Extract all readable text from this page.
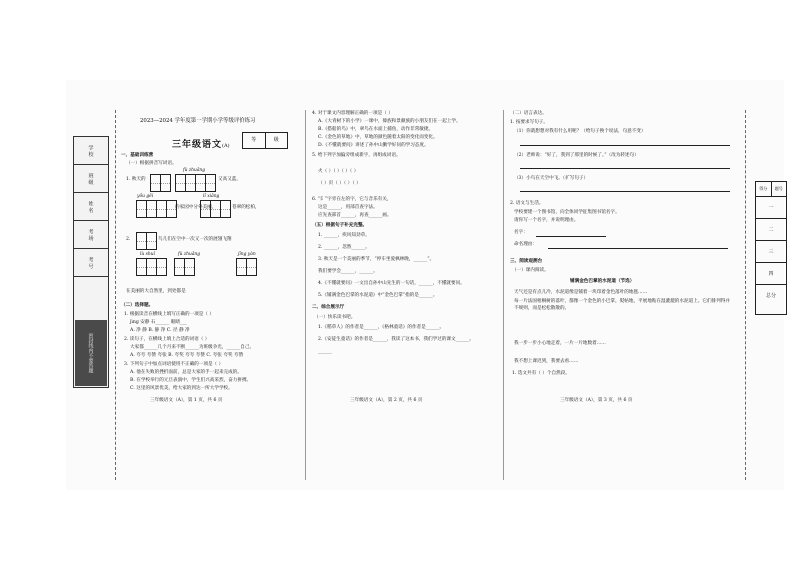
学 校
班 级
姓 名
考 场
考 号
密封线内不要答题
2023—2024 学年度第一学期小学等级评价练习
三年级语文(A)
等	级
一、基础训练营
（一）根据拼音写词语。
fù zhuāng
1. 秋天的	又高又蓝，
yōu gēi	lǐ xiǎng
的家园中分外美丽，	苍翠的松柏，
2.	鸟儿们在空中一次又一次的展翅飞翔
lù shuǐ	fù zhuāng	jīng yàn
在美丽的大自然里，到处都是
（二）选择题。
1. 根据读音在横线上填写正确的一项是（ ）
jìng 安静 石______ 眼睛___
A. 净 静 B. 静 净 C. 径 静 净
2. 读句子，在横线上填上合适的词语（ ）
大家都______几个月来不断______为班级争光，______自己。
A. 夸夸 夸赞 夸张 B. 夸奖 夸夸 夸赞 C. 夸张 夸奖 夸赞
3. 下列句子中加点词语使用不正确的一项是（ ）
A. 他在失败的挫折面前，总是大家的手一起来完成的。
B. 在学校举行的元旦表演中，学生们兴高采烈，奋力拼搏。
C. 这里的风景优美，给大家的到达一所大学学校。
三年级语文（A），第 1 页，共 6 页
4. 对于课文内容理解正确的一项是（ ）
A.《大青树下的小学》一课中，傣族和景颇族的小朋友们在一起上学。
B.《搭船的鸟》中，翠鸟在水面上捕鱼，动作非常敏捷。
C.《金色的草地》中，草地的颜色随着太阳的变化而变化。
D.《不懂就要问》讲述了孙中山勤学好问的学习态度。
5. 给下列字加偏旁组成新字，再组成词语。
火（ ）（ ）（ ）（ ）
（ ）页（ ）（ ）（ ）
6. “阝”字旁在左的字，它与音乐有关，
这是______，用部首查字法。
应先查部首______，再查______画。
（五）根据句子补充完整。
1. ______，疾风知劲草。
2. ______，忽然______。
3. 秋天是一个美丽的季节，“停车坐爱枫林晚，______”。
我们要学会______，______。
4.《不懂就要问》一文出自孙中山先生的一句话，______，不懂就要问。
5.《铺满金色巴掌的水泥道》中“金色巴掌”指的是______。
二、综合展示厅
（一）快乐读书吧。
1.《稻草人》的作者是______，《格林童话》的作者是______。
2.《安徒生童话》的作者是______，我读了这本书，我们学过的课文______。
______
三年级语文（A），第 2 页，共 6 页
（二）语言表达。
1. 按要求写句子。
（1）你就想想对我有什么用呢？（给句子换个说法，句意不变）
（2）老师说：“好了，我到了那里的时候了。”（改为转述句）
（3）小鸟在天空中飞。（扩写句子）
2. 语文与生活。
学校要建一个图书馆，向全体同学征集图书馆名字。
请你写一个名字，并说明理由。
名字：
命名理由：
三、阅读观测台
（一）课内阅读。
铺满金色巴掌的水泥道（节选）
天气还是有点儿冷，水泥道像是铺着一块印着金色落叶的地毯……
每一片法国梧桐树的落叶，都像一个金色的小巴掌，熨帖地，平展地粘在湿漉漉的水泥道上。它们排列得并不规则，而是松松散散的。
我一步一步小心地走着，一片一片地数着……
我不想上课迟到，我要去看……
1. 选文共有（ ）个自然段。
三年级语文（A），第 3 页，共 6 页
得分	题号
一
二
三
四
总分
